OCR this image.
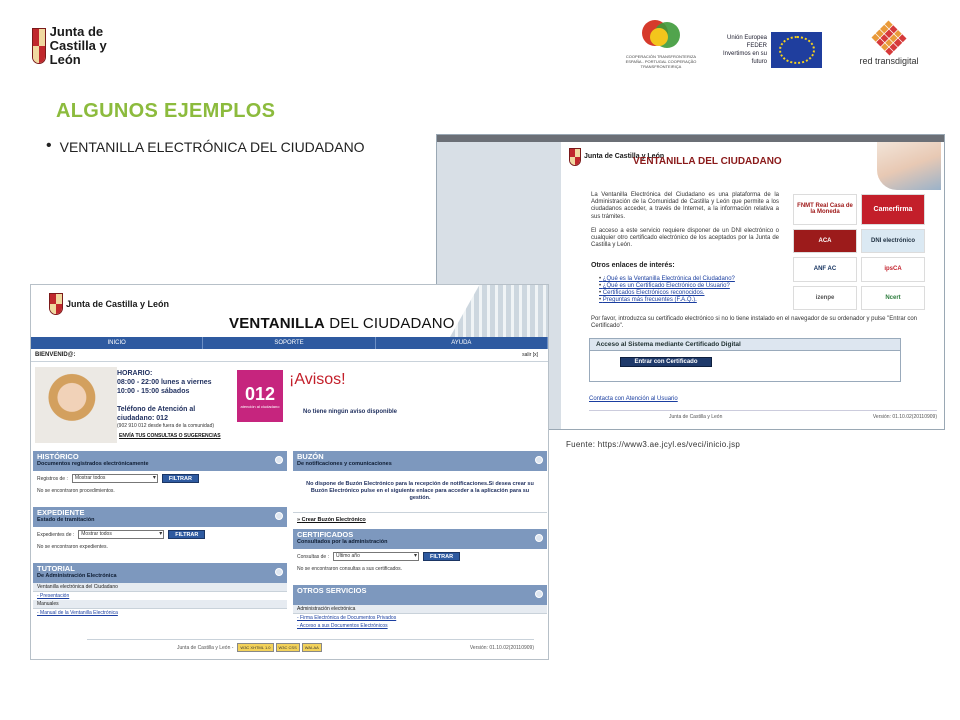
Junta de Castilla y León	COOPERACIÓN TRANSFRONTERIZA ESPAÑA - PORTUGAL COOPERAÇÃO TRANSFRONTEIRIÇA
Unión Europea
FEDER
Invertimos en su futuro	red transdigital
ALGUNOS EJEMPLOS
• VENTANILLA ELECTRÓNICA DEL CIUDADANO
Junta de Castilla y León
VENTANILLA DEL CIUDADANO
La Ventanilla Electrónica del Ciudadano es una plataforma de la Administración de la Comunidad de Castilla y León que permite a los ciudadanos acceder, a través de Internet, a la información relativa a sus trámites.
El acceso a este servicio requiere disponer de un DNI electrónico o cualquier otro certificado electrónico de los aceptados por la Junta de Castilla y León.
FNMT Real Casa de la Moneda	Camerfirma
ACA	DNI electrónico
ANF AC	ipsCA
izenpe	Ncert
Otros enlaces de interés:
• ¿Qué es la Ventanilla Electrónica del Ciudadano?
• ¿Qué es un Certificado Electrónico de Usuario?
• Certificados Electrónicos reconocidos.
• Preguntas más frecuentes (F.A.Q.).
Por favor, introduzca su certificado electrónico si no lo tiene instalado en el navegador de su ordenador y pulse "Entrar con Certificado".
Acceso al Sistema mediante Certificado Digital
Entrar con Certificado
Contacta con Atención al Usuario
Junta de Castilla y León	Versión: 01.10.02(20110909)
Fuente: https://www3.ae.jcyl.es/veci/inicio.jsp
Junta de Castilla y León
VENTANILLA DEL CIUDADANO
INICIO	SOPORTE	AYUDA
BIENVENID@:	salir [x]
HORARIO:
08:00 - 22:00 lunes a viernes
10:00 - 15:00 sábados
Teléfono de Atención al
ciudadano: 012
(902 910 012 desde fuera de la comunidad)
ENVÍA TUS CONSULTAS O SUGERENCIAS
012
atención al ciudadano
¡Avisos!
No tiene ningún aviso disponible
HISTÓRICO
Documentos registrados electrónicamente
Registros de :	Mostrar todos ▾	FILTRAR
No se encontraron procedimientos.
EXPEDIENTE
Estado de tramitación
Expedientes de :	Mostrar todos ▾	FILTRAR
No se encontraron expedientes.
TUTORIAL
De Administración Electrónica
Ventanilla electrónica del Ciudadano
- Presentación
Manuales
- Manual de la Ventanilla Electrónica
BUZÓN
De notificaciones y comunicaciones
No dispone de Buzón Electrónico para la recepción de notificaciones.Si desea crear su Buzón Electrónico pulse en el siguiente enlace para acceder a la aplicación para su gestión.
» Crear Buzón Electrónico
CERTIFICADOS
Consultados por la administración
Consultas de :	Último año ▾	FILTRAR
No se encontraron consultas a sus certificados.
OTROS SERVICIOS
Administración electrónica
- Firma Electrónica de Documentos Privados
- Acceso a sus Documentos Electrónicos
Junta de Castilla y León -	W3C XHTML 1.0	W3C CSS	WAI-AA	Versión: 01.10.02(20110909)
